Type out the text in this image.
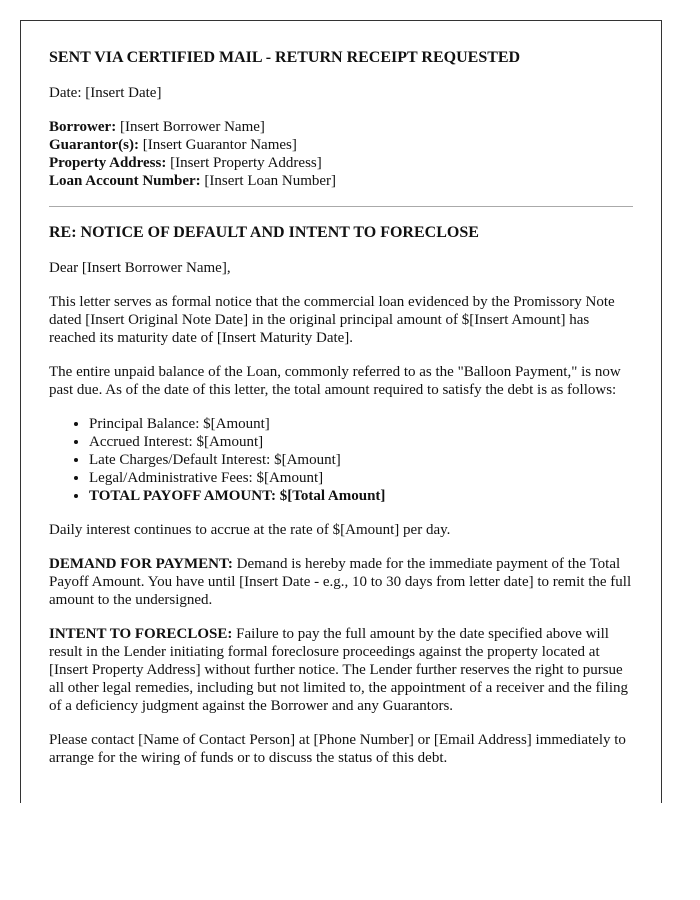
SENT VIA CERTIFIED MAIL - RETURN RECEIPT REQUESTED

Date: [Insert Date]

Borrower: [Insert Borrower Name]
Guarantor(s): [Insert Guarantor Names]
Property Address: [Insert Property Address]
Loan Account Number: [Insert Loan Number]
RE: NOTICE OF DEFAULT AND INTENT TO FORECLOSE

Dear [Insert Borrower Name],

This letter serves as formal notice that the commercial loan evidenced by the Promissory Note dated [Insert Original Note Date] in the original principal amount of $[Insert Amount] has reached its maturity date of [Insert Maturity Date].

The entire unpaid balance of the Loan, commonly referred to as the "Balloon Payment," is now past due. As of the date of this letter, the total amount required to satisfy the debt is as follows:

• Principal Balance: $[Amount]
• Accrued Interest: $[Amount]
• Late Charges/Default Interest: $[Amount]
• Legal/Administrative Fees: $[Amount]
• TOTAL PAYOFF AMOUNT: $[Total Amount]

Daily interest continues to accrue at the rate of $[Amount] per day.

DEMAND FOR PAYMENT: Demand is hereby made for the immediate payment of the Total Payoff Amount. You have until [Insert Date - e.g., 10 to 30 days from letter date] to remit the full amount to the undersigned.

INTENT TO FORECLOSE: Failure to pay the full amount by the date specified above will result in the Lender initiating formal foreclosure proceedings against the property located at [Insert Property Address] without further notice. The Lender further reserves the right to pursue all other legal remedies, including but not limited to, the appointment of a receiver and the filing of a deficiency judgment against the Borrower and any Guarantors.

Please contact [Name of Contact Person] at [Phone Number] or [Email Address] immediately to arrange for the wiring of funds or to discuss the status of this debt.
